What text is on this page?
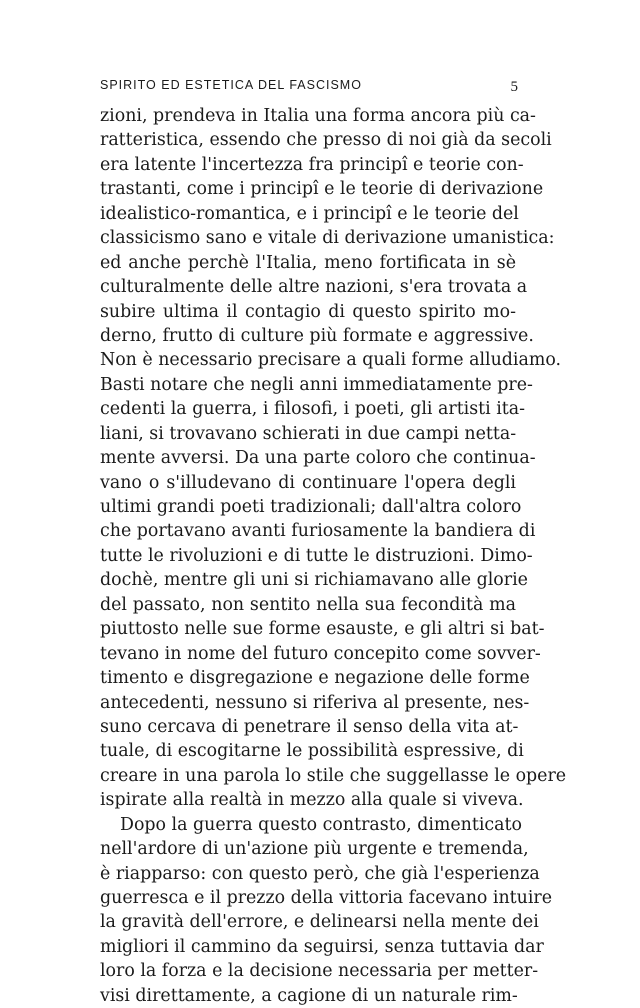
SPIRITO ED ESTETICA DEL FASCISMO	5
zioni, prendeva in Italia una forma ancora più ca-
ratteristica, essendo che presso di noi già da secoli
era latente l'incertezza fra principî e teorie con-
trastanti, come i principî e le teorie di derivazione
idealistico-romantica, e i principî e le teorie del
classicismo sano e vitale di derivazione umanistica:
ed anche perchè l'Italia, meno fortificata in sè
culturalmente delle altre nazioni, s'era trovata a
subire ultima il contagio di questo spirito mo-
derno, frutto di culture più formate e aggressive.
Non è necessario precisare a quali forme alludiamo.
Basti notare che negli anni immediatamente pre-
cedenti la guerra, i filosofi, i poeti, gli artisti ita-
liani, si trovavano schierati in due campi netta-
mente avversi. Da una parte coloro che continua-
vano o s'illudevano di continuare l'opera degli
ultimi grandi poeti tradizionali; dall'altra coloro
che portavano avanti furiosamente la bandiera di
tutte le rivoluzioni e di tutte le distruzioni. Dimo-
dochè, mentre gli uni si richiamavano alle glorie
del passato, non sentito nella sua fecondità ma
piuttosto nelle sue forme esauste, e gli altri si bat-
tevano in nome del futuro concepito come sovver-
timento e disgregazione e negazione delle forme
antecedenti, nessuno si riferiva al presente, nes-
suno cercava di penetrare il senso della vita at-
tuale, di escogitarne le possibilità espressive, di
creare in una parola lo stile che suggellasse le opere
ispirate alla realtà in mezzo alla quale si viveva.
Dopo la guerra questo contrasto, dimenticato
nell'ardore di un'azione più urgente e tremenda,
è riapparso: con questo però, che già l'esperienza
guerresca e il prezzo della vittoria facevano intuire
la gravità dell'errore, e delinearsi nella mente dei
migliori il cammino da seguirsi, senza tuttavia dar
loro la forza e la decisione necessaria per metter-
visi direttamente, a cagione di un naturale rim-
